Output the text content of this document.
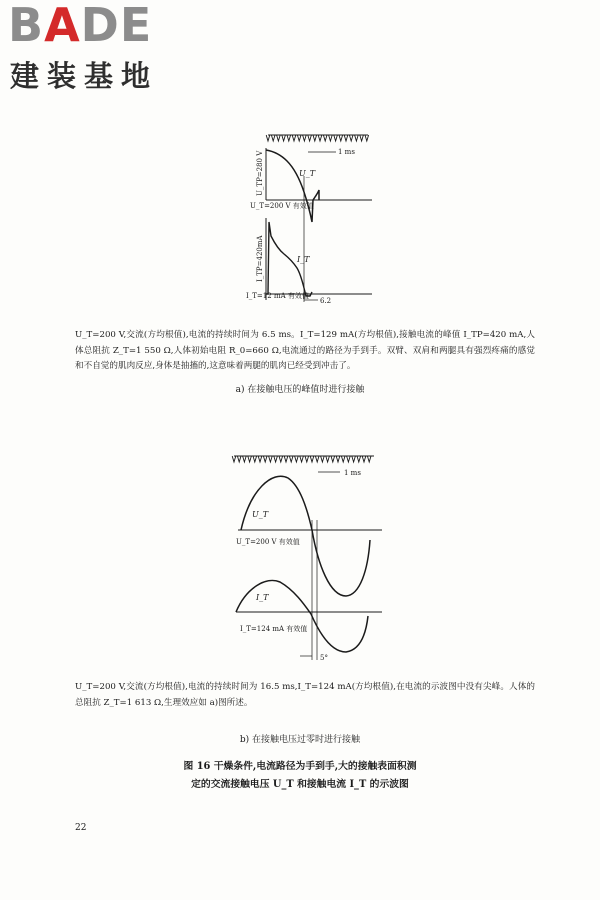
BADE
建装基地
1 ms
U_TP=280 V	U_T
U_T=200 V 有效值
I_TP=420mA	I_T
I_T=12 mA 有效值
6.2

U_T=200 V,交流(方均根值),电流的持续时间为 6.5 ms。I_T=129 mA(方均根值),接触电流的峰值 I_TP=420 mA,人体总阻抗 Z_T=1 550 Ω,人体初始电阻 R_0=660 Ω,电流通过的路径为手到手。双臂、双肩和两腿具有强烈疼痛的感觉和不自觉的肌肉反应,身体是抽搐的,这意味着两腿的肌肉已经受到冲击了。

a) 在接触电压的峰值时进行接触

1 ms
U_T
U_T=200 V 有效值
I_T
I_T=124 mA 有效值
5°

U_T=200 V,交流(方均根值),电流的持续时间为 16.5 ms,I_T=124 mA(方均根值),在电流的示波图中没有尖峰。人体的总阻抗 Z_T=1 613 Ω,生理效应如 a)图所述。

b) 在接触电压过零时进行接触

图 16 干燥条件,电流路径为手到手,大的接触表面积测
定的交流接触电压 U_T 和接触电流 I_T 的示波图
22
